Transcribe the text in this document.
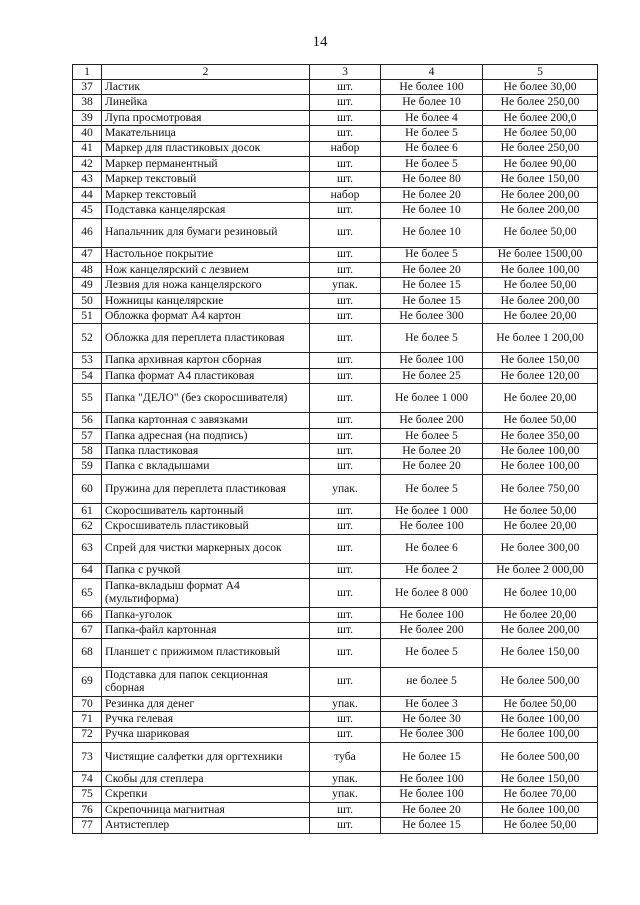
14
1	2	3	4	5
37	Ластик	шт.	Не более 100	Не более 30,00
38	Линейка	шт.	Не более 10	Не более 250,00
39	Лупа просмотровая	шт.	Не более 4	Не более 200,0
40	Макательница	шт.	Не более 5	Не более 50,00
41	Маркер для пластиковых досок	набор	Не более 6	Не более 250,00
42	Маркер перманентный	шт.	Не более 5	Не более 90,00
43	Маркер текстовый	шт.	Не более 80	Не более 150,00
44	Маркер текстовый	набор	Не более 20	Не более 200,00
45	Подставка канцелярская	шт.	Не более 10	Не более 200,00
46	Напальчник для бумаги резиновый	шт.	Не более 10	Не более 50,00
47	Настольное покрытие	шт.	Не более 5	Не более 1500,00
48	Нож канцелярский с лезвием	шт.	Не более 20	Не более 100,00
49	Лезвия для ножа канцелярского	упак.	Не более 15	Не более 50,00
50	Ножницы канцелярские	шт.	Не более 15	Не более 200,00
51	Обложка формат А4 картон	шт.	Не более 300	Не более 20,00
52	Обложка для переплета пластиковая	шт.	Не более 5	Не более 1 200,00
53	Папка архивная картон сборная	шт.	Не более 100	Не более 150,00
54	Папка формат А4 пластиковая	шт.	Не более 25	Не более 120,00
55	Папка "ДЕЛО" (без скоросшивателя)	шт.	Не более 1 000	Не более 20,00
56	Папка картонная с завязками	шт.	Не более 200	Не более 50,00
57	Папка адресная (на подпись)	шт.	Не более 5	Не более 350,00
58	Папка пластиковая	шт.	Не более 20	Не более 100,00
59	Папка с вкладышами	шт.	Не более 20	Не более 100,00
60	Пружина для переплета пластиковая	упак.	Не более 5	Не более 750,00
61	Скоросшиватель картонный	шт.	Не более 1 000	Не более 50,00
62	Скросшиватель пластиковый	шт.	Не более 100	Не более 20,00
63	Спрей для чистки маркерных досок	шт.	Не более 6	Не более 300,00
64	Папка с ручкой	шт.	Не более 2	Не более 2 000,00
65	Папка-вкладыш формат А4 (мультиформа)	шт.	Не более 8 000	Не более 10,00
66	Папка-уголок	шт.	Не более 100	Не более 20,00
67	Папка-файл картонная	шт.	Не более 200	Не более 200,00
68	Планшет с прижимом пластиковый	шт.	Не более 5	Не более 150,00
69	Подставка для папок секционная сборная	шт.	не более 5	Не более 500,00
70	Резинка для денег	упак.	Не более 3	Не более 50,00
71	Ручка гелевая	шт.	Не более 30	Не более 100,00
72	Ручка шариковая	шт.	Не более 300	Не более 100,00
73	Чистящие салфетки для оргтехники	туба	Не более 15	Не более 500,00
74	Скобы для степлера	упак.	Не более 100	Не более 150,00
75	Скрепки	упак.	Не более 100	Не более 70,00
76	Скрепочница магнитная	шт.	Не более 20	Не более 100,00
77	Антистеплер	шт.	Не более 15	Не более 50,00
